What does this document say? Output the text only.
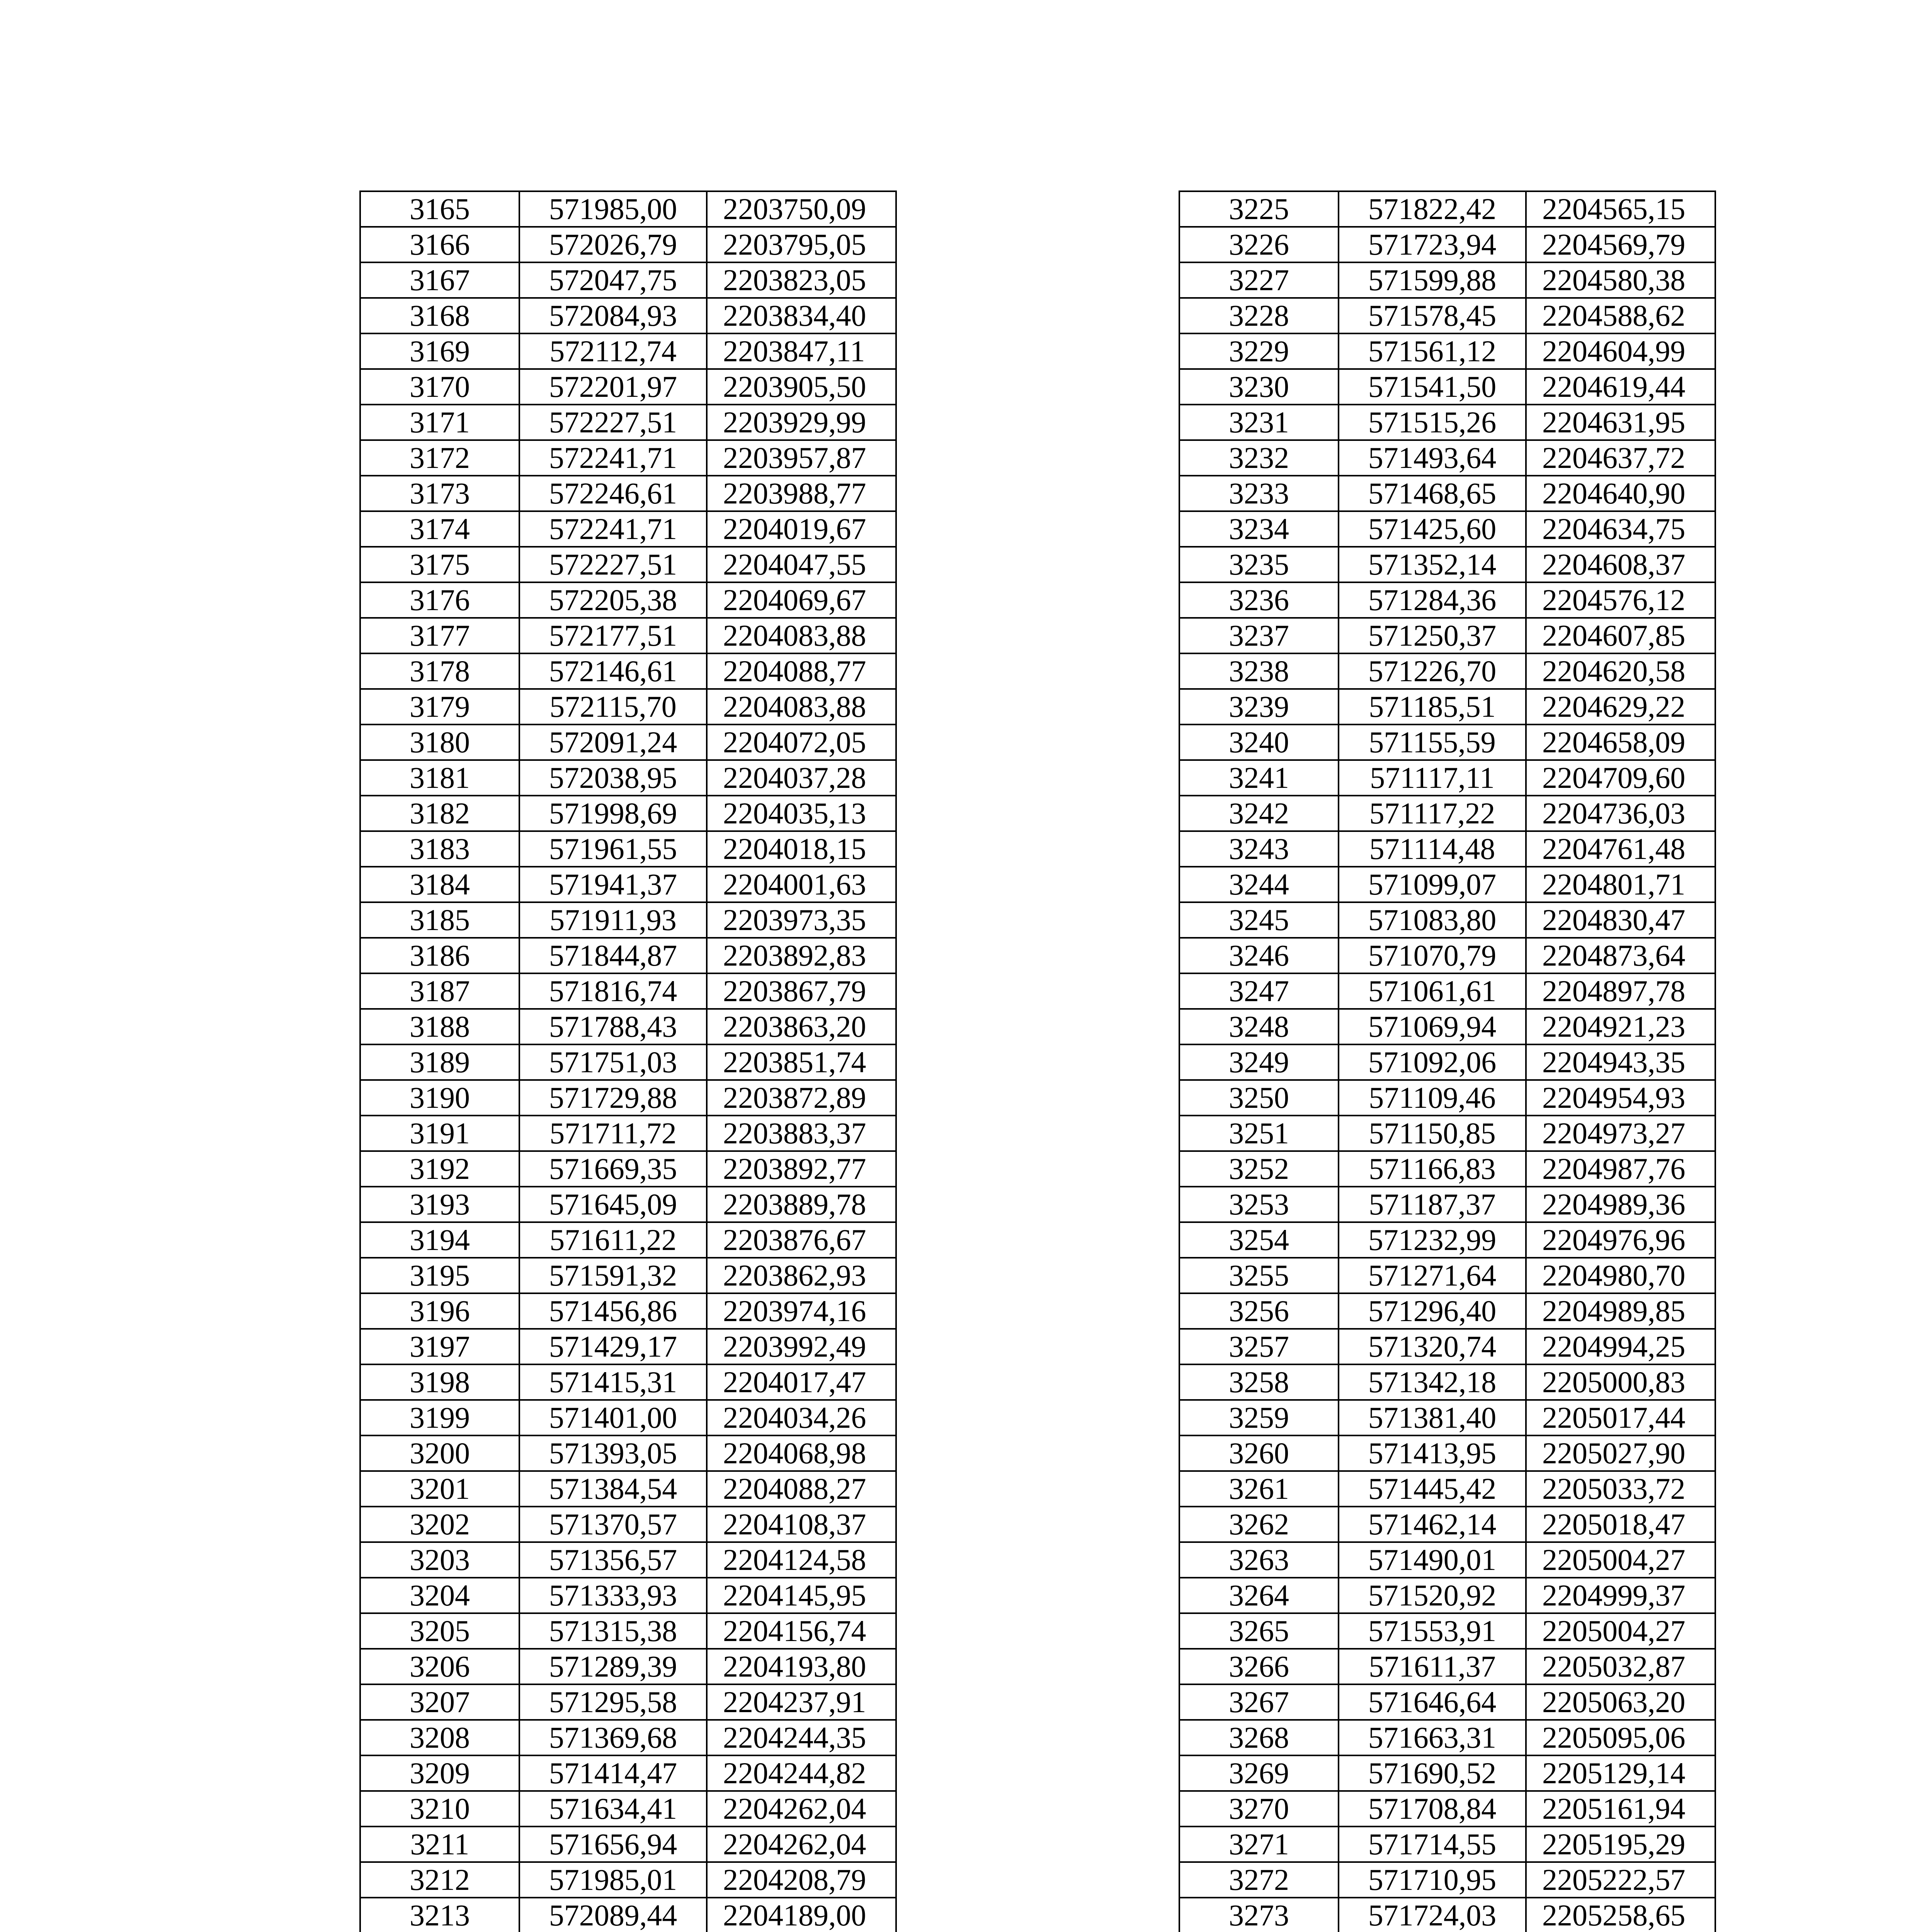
3165	571985,00	2203750,09
3166	572026,79	2203795,05
3167	572047,75	2203823,05
3168	572084,93	2203834,40
3169	572112,74	2203847,11
3170	572201,97	2203905,50
3171	572227,51	2203929,99
3172	572241,71	2203957,87
3173	572246,61	2203988,77
3174	572241,71	2204019,67
3175	572227,51	2204047,55
3176	572205,38	2204069,67
3177	572177,51	2204083,88
3178	572146,61	2204088,77
3179	572115,70	2204083,88
3180	572091,24	2204072,05
3181	572038,95	2204037,28
3182	571998,69	2204035,13
3183	571961,55	2204018,15
3184	571941,37	2204001,63
3185	571911,93	2203973,35
3186	571844,87	2203892,83
3187	571816,74	2203867,79
3188	571788,43	2203863,20
3189	571751,03	2203851,74
3190	571729,88	2203872,89
3191	571711,72	2203883,37
3192	571669,35	2203892,77
3193	571645,09	2203889,78
3194	571611,22	2203876,67
3195	571591,32	2203862,93
3196	571456,86	2203974,16
3197	571429,17	2203992,49
3198	571415,31	2204017,47
3199	571401,00	2204034,26
3200	571393,05	2204068,98
3201	571384,54	2204088,27
3202	571370,57	2204108,37
3203	571356,57	2204124,58
3204	571333,93	2204145,95
3205	571315,38	2204156,74
3206	571289,39	2204193,80
3207	571295,58	2204237,91
3208	571369,68	2204244,35
3209	571414,47	2204244,82
3210	571634,41	2204262,04
3211	571656,94	2204262,04
3212	571985,01	2204208,79
3213	572089,44	2204189,00

3225	571822,42	2204565,15
3226	571723,94	2204569,79
3227	571599,88	2204580,38
3228	571578,45	2204588,62
3229	571561,12	2204604,99
3230	571541,50	2204619,44
3231	571515,26	2204631,95
3232	571493,64	2204637,72
3233	571468,65	2204640,90
3234	571425,60	2204634,75
3235	571352,14	2204608,37
3236	571284,36	2204576,12
3237	571250,37	2204607,85
3238	571226,70	2204620,58
3239	571185,51	2204629,22
3240	571155,59	2204658,09
3241	571117,11	2204709,60
3242	571117,22	2204736,03
3243	571114,48	2204761,48
3244	571099,07	2204801,71
3245	571083,80	2204830,47
3246	571070,79	2204873,64
3247	571061,61	2204897,78
3248	571069,94	2204921,23
3249	571092,06	2204943,35
3250	571109,46	2204954,93
3251	571150,85	2204973,27
3252	571166,83	2204987,76
3253	571187,37	2204989,36
3254	571232,99	2204976,96
3255	571271,64	2204980,70
3256	571296,40	2204989,85
3257	571320,74	2204994,25
3258	571342,18	2205000,83
3259	571381,40	2205017,44
3260	571413,95	2205027,90
3261	571445,42	2205033,72
3262	571462,14	2205018,47
3263	571490,01	2205004,27
3264	571520,92	2204999,37
3265	571553,91	2205004,27
3266	571611,37	2205032,87
3267	571646,64	2205063,20
3268	571663,31	2205095,06
3269	571690,52	2205129,14
3270	571708,84	2205161,94
3271	571714,55	2205195,29
3272	571710,95	2205222,57
3273	571724,03	2205258,65
